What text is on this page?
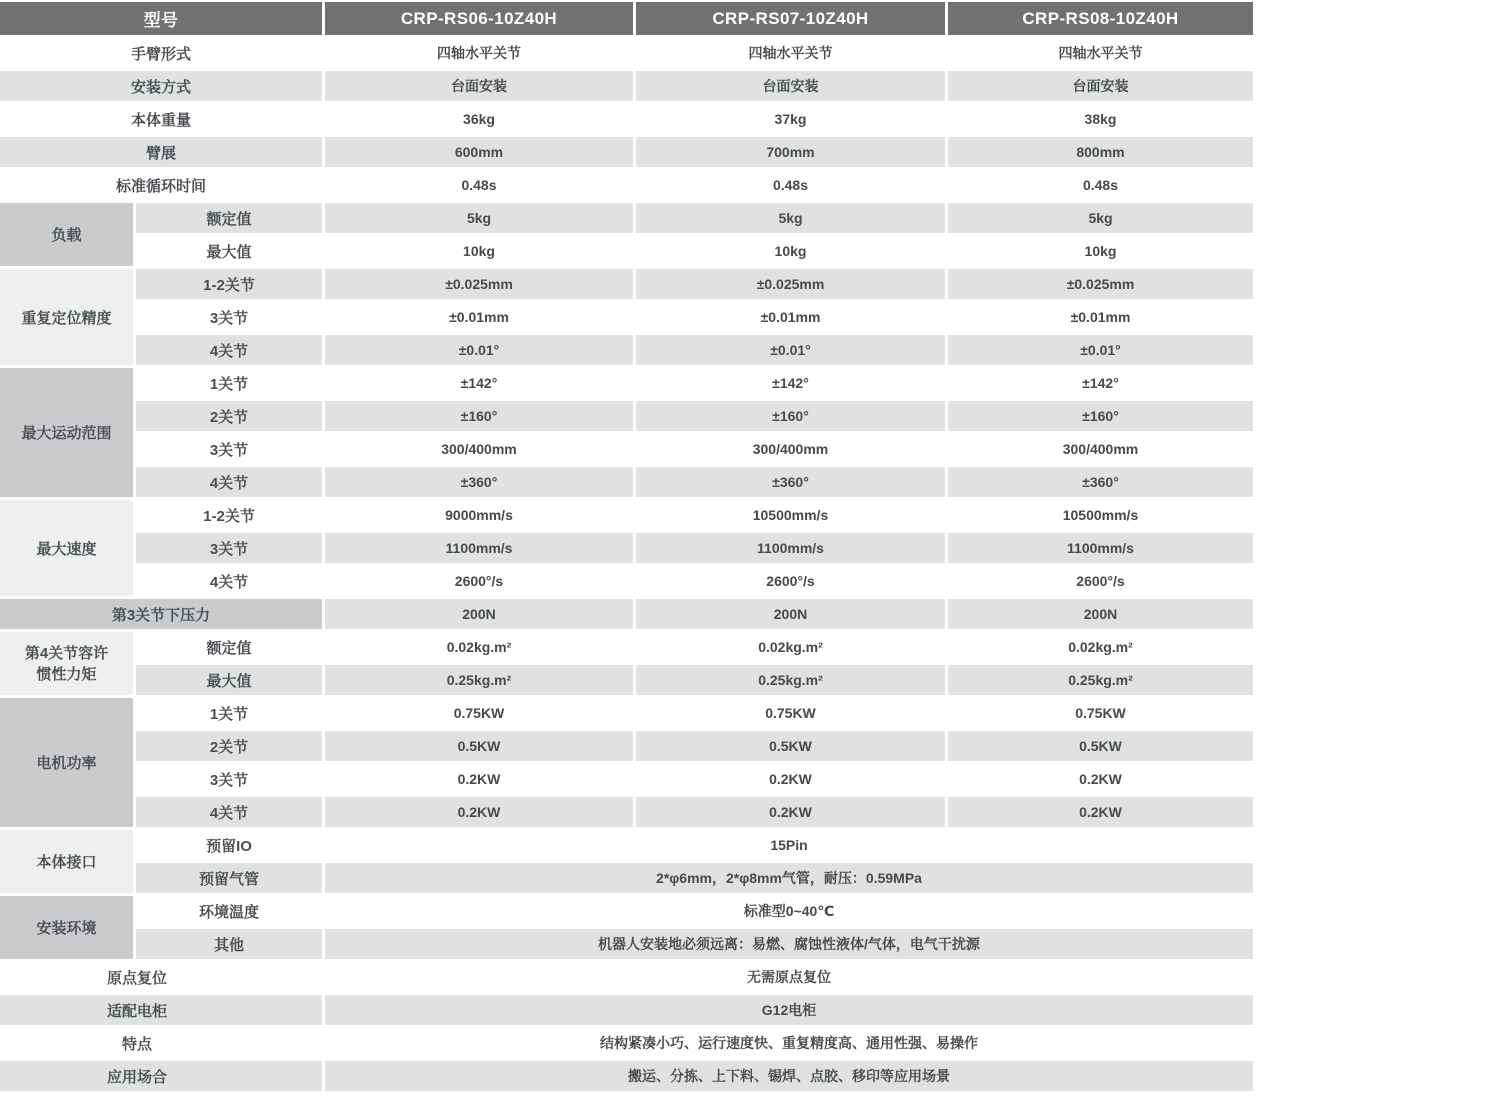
型号		CRP-RS06-10Z40H	CRP-RS07-10Z40H	CRP-RS08-10Z40H
手臂形式		四轴水平关节	四轴水平关节	四轴水平关节
安装方式		台面安装	台面安装	台面安装
本体重量		36kg	37kg	38kg
臂展		600mm	700mm	800mm
标准循环时间		0.48s	0.48s	0.48s
负载	额定值	5kg	5kg	5kg
	最大值	10kg	10kg	10kg
重复定位精度	1-2关节	±0.025mm	±0.025mm	±0.025mm
	3关节	±0.01mm	±0.01mm	±0.01mm
	4关节	±0.01°	±0.01°	±0.01°
最大运动范围	1关节	±142°	±142°	±142°
	2关节	±160°	±160°	±160°
	3关节	300/400mm	300/400mm	300/400mm
	4关节	±360°	±360°	±360°
最大速度	1-2关节	9000mm/s	10500mm/s	10500mm/s
	3关节	1100mm/s	1100mm/s	1100mm/s
	4关节	2600°/s	2600°/s	2600°/s
第3关节下压力		200N	200N	200N
第4关节容许惯性力矩	额定值	0.02kg.m²	0.02kg.m²	0.02kg.m²
	最大值	0.25kg.m²	0.25kg.m²	0.25kg.m²
电机功率	1关节	0.75KW	0.75KW	0.75KW
	2关节	0.5KW	0.5KW	0.5KW
	3关节	0.2KW	0.2KW	0.2KW
	4关节	0.2KW	0.2KW	0.2KW
本体接口	预留IO	15Pin		
	预留气管	2*φ6mm，2*φ8mm气管，耐压：0.59MPa		
安装环境	环境温度	标准型0~40℃		
	其他	机器人安装地必须远离：易燃、腐蚀性液体/气体，电气干扰源		
原点复位		无需原点复位		
适配电柜		G12电柜		
特点		结构紧凑小巧、运行速度快、重复精度高、通用性强、易操作		
应用场合		搬运、分拣、上下料、锡焊、点胶、移印等应用场景		
